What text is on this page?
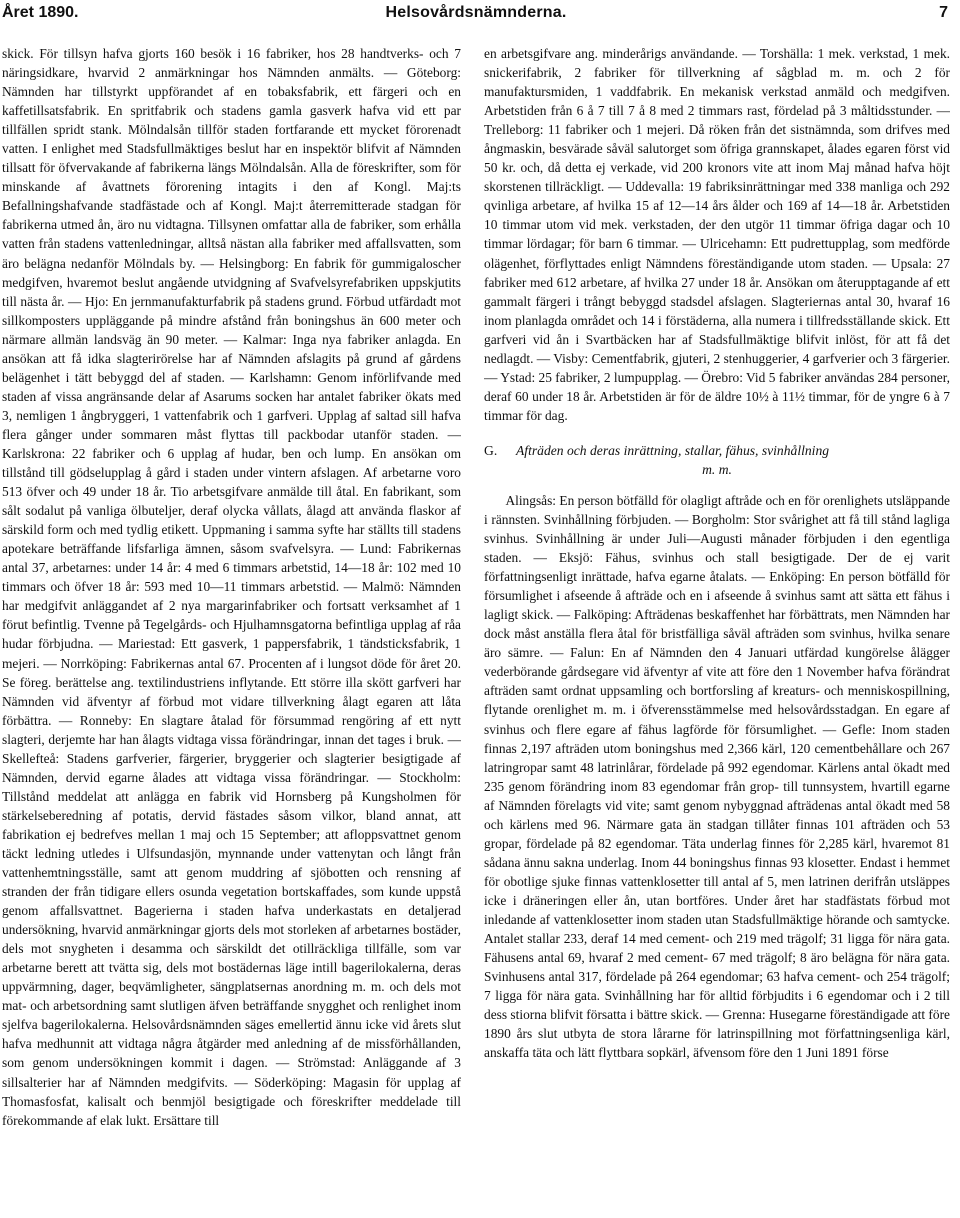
Året 1890.	Helsovårdsnämnderna.	7

skick. För tillsyn hafva gjorts 160 besök i 16 fabriker, hos 28 handtverks- och 7 näringsidkare, hvarvid 2 anmärkningar hos Nämnden anmälts. — Göteborg: Nämnden har tillstyrkt uppförandet af en tobaksfabrik, ett färgeri och en kaffetillsatsfabrik. En spritfabrik och stadens gamla gasverk hafva vid ett par tillfällen spridt stank. Mölndalsån tillför staden fortfarande ett mycket förorenadt vatten. I enlighet med Stadsfullmäktiges beslut har en inspektör blifvit af Nämnden tillsatt för öfvervakande af fabrikerna längs Mölndalsån. Alla de föreskrifter, som för minskande af åvattnets förorening intagits i den af Kongl. Maj:ts Befallningshafvande stadfästade och af Kongl. Maj:t återremitterade stadgan för fabrikerna utmed ån, äro nu vidtagna. Tillsynen omfattar alla de fabriker, som erhålla vatten från stadens vattenledningar, alltså nästan alla fabriker med affallsvatten, som äro belägna nedanför Mölndals by. — Helsingborg: En fabrik för gummigaloscher medgifven, hvaremot beslut angående utvidgning af Svafvelsyrefabriken uppskjutits till nästa år. — Hjo: En jernmanufakturfabrik på stadens grund. Förbud utfärdadt mot sillkomposters uppläggande på mindre afstånd från boningshus än 600 meter och närmare allmän landsväg än 90 meter. — Kalmar: Inga nya fabriker anlagda. En ansökan att få idka slagterirörelse har af Nämnden afslagits på grund af gårdens belägenhet i tätt bebyggd del af staden. — Karlshamn: Genom införlifvande med staden af vissa angränsande delar af Asarums socken har antalet fabriker ökats med 3, nemligen 1 ångbryggeri, 1 vattenfabrik och 1 garfveri. Upplag af saltad sill hafva flera gånger under sommaren måst flyttas till packbodar utanför staden. — Karlskrona: 22 fabriker och 6 upplag af hudar, ben och lump. En ansökan om tillstånd till gödselupplag å gård i staden under vintern afslagen. Af arbetarne voro 513 öfver och 49 under 18 år. Tio arbetsgifvare anmälde till åtal. En fabrikant, som sålt sodalut på vanliga ölbuteljer, deraf olycka vållats, ålagd att använda flaskor af särskild form och med tydlig etikett. Uppmaning i samma syfte har ställts till stadens apotekare beträffande lifsfarliga ämnen, såsom svafvelsyra. — Lund: Fabrikernas antal 37, arbetarnes: under 14 år: 4 med 6 timmars arbetstid, 14—18 år: 102 med 10 timmars och öfver 18 år: 593 med 10—11 timmars arbetstid. — Malmö: Nämnden har medgifvit anläggandet af 2 nya margarinfabriker och fortsatt verksamhet af 1 förut befintlig. Tvenne på Tegelgårds- och Hjulhamnsgatorna befintliga upplag af råa hudar förbjudna. — Mariestad: Ett gasverk, 1 pappersfabrik, 1 tändsticksfabrik, 1 mejeri. — Norrköping: Fabrikernas antal 67. Procenten af i lungsot döde för året 20. Se föreg. berättelse ang. textilindustriens inflytande. Ett större illa skött garfveri har Nämnden vid äfventyr af förbud mot vidare tillverkning ålagt egaren att låta förbättra. — Ronneby: En slagtare åtalad för försummad rengöring af ett nytt slagteri, derjemte har han ålagts vidtaga vissa förändringar, innan det tages i bruk. — Skellefteå: Stadens garfverier, färgerier, bryggerier och slagterier besigtigade af Nämnden, dervid egarne ålades att vidtaga vissa förändringar. — Stockholm: Tillstånd meddelat att anlägga en fabrik vid Hornsberg på Kungsholmen för stärkelseberedning af potatis, dervid fästades såsom vilkor, bland annat, att fabrikation ej bedrefves mellan 1 maj och 15 September; att afloppsvattnet genom täckt ledning utledes i Ulfsundasjön, mynnande under vattenytan och långt från vattenhemtningsställe, samt att genom muddring af sjöbotten och rensning af stranden der från tidigare ellers osunda vegetation bortskaffades, som kunde uppstå genom affallsvattnet. Bagerierna i staden hafva underkastats en detaljerad undersökning, hvarvid anmärkningar gjorts dels mot storleken af arbetarnes bostäder, dels mot snygheten i desamma och särskildt det otillräckliga tillfälle, som var arbetarne berett att tvätta sig, dels mot bostädernas läge intill bagerilokalerna, deras uppvärmning, dager, beqvämligheter, sängplatsernas anordning m. m. och dels mot mat- och arbetsordning samt slutligen äfven beträffande snygghet och renlighet inom sjelfva bagerilokalerna. Helsovårdsnämnden säges emellertid ännu icke vid årets slut hafva medhunnit att vidtaga några åtgärder med anledning af de missförhållanden, som genom undersökningen kommit i dagen. — Strömstad: Anläggande af 3 sillsalterier har af Nämnden medgifvits. — Söderköping: Magasin för upplag af Thomasfosfat, kalisalt och benmjöl besigtigade och föreskrifter meddelade till förekommande af elak lukt. Ersättare till

en arbetsgifvare ang. minderårigs användande. — Torshälla: 1 mek. verkstad, 1 mek. snickerifabrik, 2 fabriker för tillverkning af sågblad m. m. och 2 för manufaktursmiden, 1 vaddfabrik. En mekanisk verkstad anmäld och medgifven. Arbetstiden från 6 å 7 till 7 å 8 med 2 timmars rast, fördelad på 3 måltidsstunder. — Trelleborg: 11 fabriker och 1 mejeri. Då röken från det sistnämnda, som drifves med ångmaskin, besvärade såväl salutorget som öfriga grannskapet, ålades egaren först vid 50 kr. och, då detta ej verkade, vid 200 kronors vite att inom Maj månad hafva höjt skorstenen tillräckligt. — Uddevalla: 19 fabriksinrättningar med 338 manliga och 292 qvinliga arbetare, af hvilka 15 af 12—14 års ålder och 169 af 14—18 år. Arbetstiden 10 timmar utom vid mek. verkstaden, der den utgör 11 timmar öfriga dagar och 10 timmar lördagar; för barn 6 timmar. — Ulricehamn: Ett pudrettupplag, som medförde olägenhet, förflyttades enligt Nämndens föreständigande utom staden. — Upsala: 27 fabriker med 612 arbetare, af hvilka 27 under 18 år. Ansökan om återupptagande af ett gammalt färgeri i trångt bebyggd stadsdel afslagen. Slagteriernas antal 30, hvaraf 16 inom planlagda området och 14 i förstäderna, alla numera i tillfredsställande skick. Ett garfveri vid ån i Svartbäcken har af Stadsfullmäktige blifvit inlöst, för att få det nedlagdt. — Visby: Cementfabrik, gjuteri, 2 stenhuggerier, 4 garfverier och 3 färgerier. — Ystad: 25 fabriker, 2 lumpupplag. — Örebro: Vid 5 fabriker användas 284 personer, deraf 60 under 18 år. Arbetstiden är för de äldre 10½ à 11½ timmar, för de yngre 6 à 7 timmar för dag.

G. Afträden och deras inrättning, stallar, fähus, svinhållning
m. m.

Alingsås: En person bötfälld för olagligt aftråde och en för orenlighets utsläppande i rännsten. Svinhållning förbjuden. — Borgholm: Stor svårighet att få till stånd lagliga svinhus. Svinhållning är under Juli—Augusti månader förbjuden i den egentliga staden. — Eksjö: Fähus, svinhus och stall besigtigade. Der de ej varit författningsenligt inrättade, hafva egarne åtalats. — Enköping: En person bötfälld för försumlighet i afseende å afträde och en i afseende å svinhus samt att sätta ett fähus i lagligt skick. — Falköping: Afträdenas beskaffenhet har förbättrats, men Nämnden har dock måst anställa flera åtal för bristfälliga såväl afträden som svinhus, hvilka senare äro sämre. — Falun: En af Nämnden den 4 Januari utfärdad kungörelse ålägger vederbörande gårdsegare vid äfventyr af vite att före den 1 November hafva förändrat afträden samt ordnat uppsamling och bortforsling af kreaturs- och menniskospillning, flytande orenlighet m. m. i öfverensstämmelse med helsovårdsstadgan. En egare af svinhus och flere egare af fähus lagförde för försumlighet. — Gefle: Inom staden finnas 2,197 afträden utom boningshus med 2,366 kärl, 120 cementbehållare och 267 latringropar samt 48 latrinlårar, fördelade på 992 egendomar. Kärlens antal ökadt med 235 genom förändring inom 83 egendomar från grop- till tunnsystem, hvartill egarne af Nämnden förelagts vid vite; samt genom nybyggnad afträdenas antal ökadt med 58 och kärlens med 96. Närmare gata än stadgan tillåter finnas 101 afträden och 53 gropar, fördelade på 82 egendomar. Täta underlag finnes för 2,285 kärl, hvaremot 81 sådana ännu sakna underlag. Inom 44 boningshus finnas 93 klosetter. Endast i hemmet för obotlige sjuke finnas vattenklosetter till antal af 5, men latrinen derifrån utsläppes icke i dräneringen eller ån, utan bortföres. Under året har stadfästats förbud mot inledande af vattenklosetter inom staden utan Stadsfullmäktige hörande och samtycke. Antalet stallar 233, deraf 14 med cement- och 219 med trägolf; 31 ligga för nära gata. Fähusens antal 69, hvaraf 2 med cement- 67 med trägolf; 8 äro belägna för nära gata. Svinhusens antal 317, fördelade på 264 egendomar; 63 hafva cement- och 254 trägolf; 7 ligga för nära gata. Svinhållning har för alltid förbjudits i 6 egendomar och i 2 till dess stiorna blifvit försatta i bättre skick. — Grenna: Husegarne föreständigade att före 1890 års slut utbyta de stora lårarne för latrinspillning mot författningsenliga kärl, anskaffa täta och lätt flyttbara sopkärl, äfvensom före den 1 Juni 1891 förse
